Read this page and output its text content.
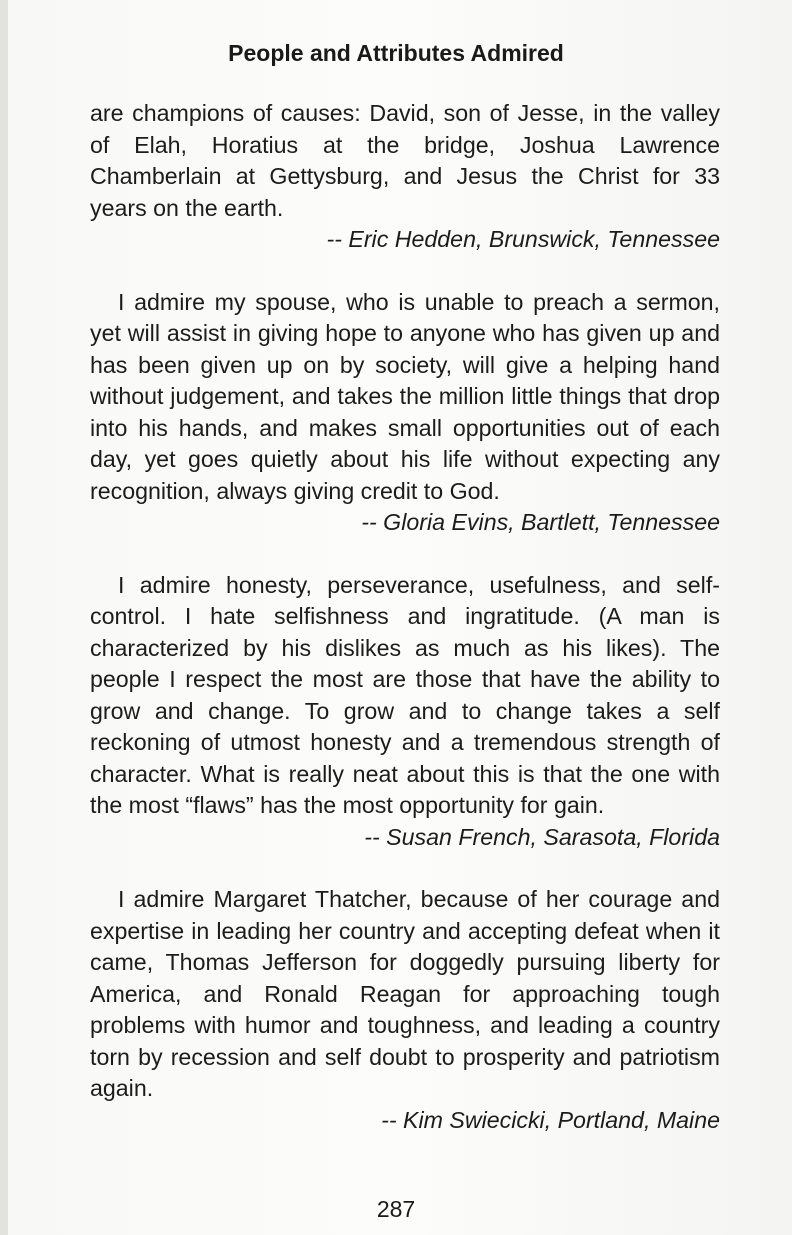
People and Attributes Admired

are champions of causes: David, son of Jesse, in the valley of Elah, Horatius at the bridge, Joshua Lawrence Chamberlain at Gettysburg, and Jesus the Christ for 33 years on the earth.

-- Eric Hedden, Brunswick, Tennessee

I admire my spouse, who is unable to preach a sermon, yet will assist in giving hope to anyone who has given up and has been given up on by society, will give a helping hand without judgement, and takes the million little things that drop into his hands, and makes small opportunities out of each day, yet goes quietly about his life without expecting any recognition, always giving credit to God.

-- Gloria Evins, Bartlett, Tennessee

I admire honesty, perseverance, usefulness, and self-control. I hate selfishness and ingratitude. (A man is characterized by his dislikes as much as his likes). The people I respect the most are those that have the ability to grow and change. To grow and to change takes a self reckoning of utmost honesty and a tremendous strength of character. What is really neat about this is that the one with the most “flaws” has the most opportunity for gain.

-- Susan French, Sarasota, Florida

I admire Margaret Thatcher, because of her courage and expertise in leading her country and accepting defeat when it came, Thomas Jefferson for doggedly pursuing liberty for America, and Ronald Reagan for approaching tough problems with humor and toughness, and leading a country torn by recession and self doubt to prosperity and patriotism again.

-- Kim Swiecicki, Portland, Maine

287
